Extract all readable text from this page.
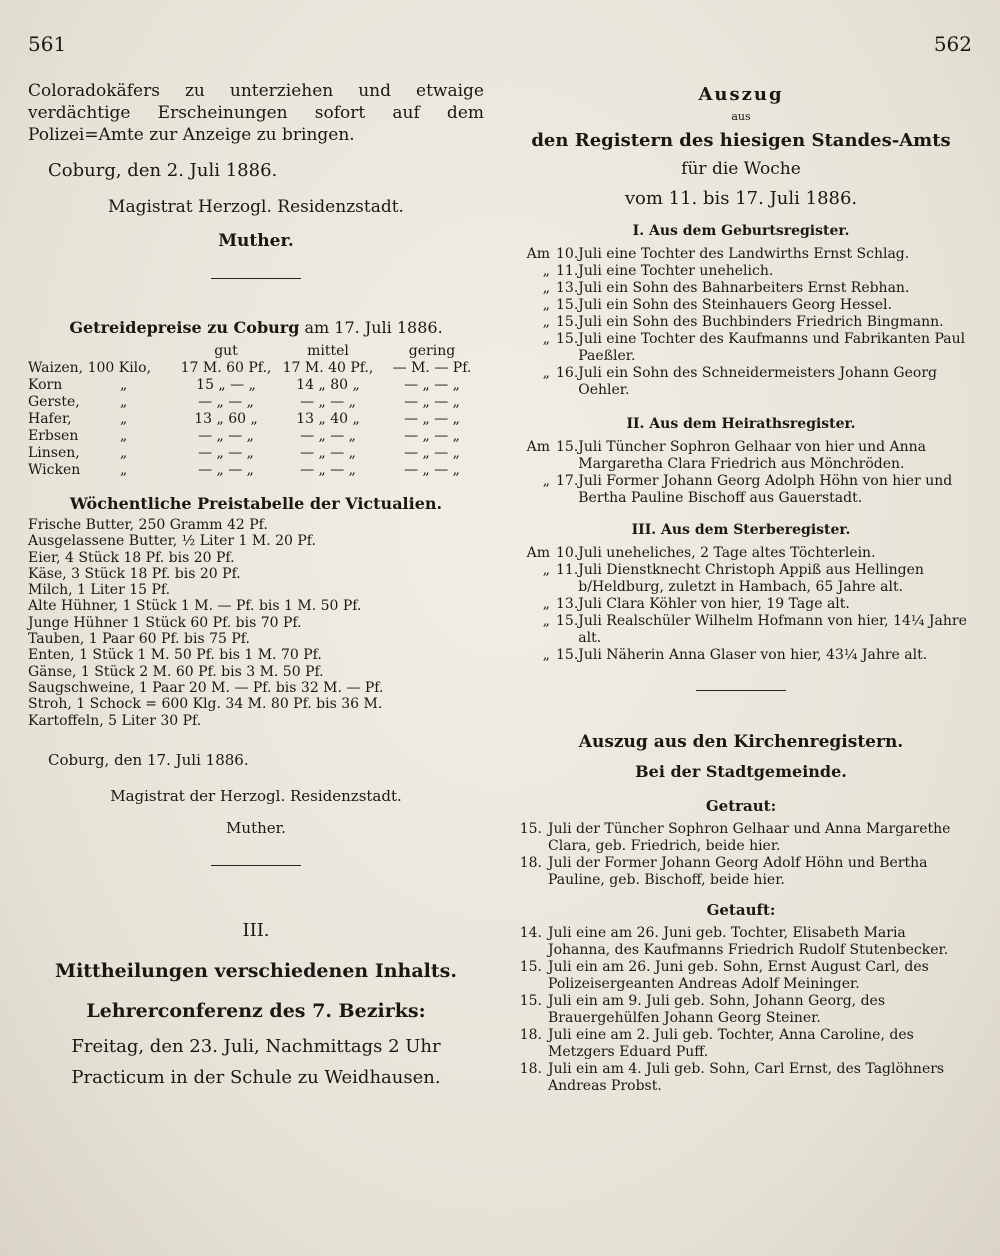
561	562

Coloradokäfers zu unterziehen und etwaige verdächtige Erscheinungen sofort auf dem Polizei=Amte zur Anzeige zu bringen.

Coburg, den 2. Juli 1886.

Magistrat Herzogl. Residenzstadt.

Muther.

Getreidepreise zu Coburg am 17. Juli 1886.

	gut	mittel	gering
Waizen, 100 Kilo,	17 M. 60 Pf.,	17 M. 40 Pf.,	— M. — Pf.
Korn „	15 „ — „	14 „ 80 „	— „ — „
Gerste, „	— „ — „	— „ — „	— „ — „
Hafer, „	13 „ 60 „	13 „ 40 „	— „ — „
Erbsen „	— „ — „	— „ — „	— „ — „
Linsen, „	— „ — „	— „ — „	— „ — „
Wicken „	— „ — „	— „ — „	— „ — „

Wöchentliche Preistabelle der Victualien.

Frische Butter, 250 Gramm 42 Pf.

Ausgelassene Butter, ½ Liter 1 M. 20 Pf.

Eier, 4 Stück 18 Pf. bis 20 Pf.

Käse, 3 Stück 18 Pf. bis 20 Pf.

Milch, 1 Liter 15 Pf.

Alte Hühner, 1 Stück 1 M. — Pf. bis 1 M. 50 Pf.

Junge Hühner 1 Stück 60 Pf. bis 70 Pf.

Tauben, 1 Paar 60 Pf. bis 75 Pf.

Enten, 1 Stück 1 M. 50 Pf. bis 1 M. 70 Pf.

Gänse, 1 Stück 2 M. 60 Pf. bis 3 M. 50 Pf.

Saugschweine, 1 Paar 20 M. — Pf. bis 32 M. — Pf.

Stroh, 1 Schock = 600 Klg. 34 M. 80 Pf. bis 36 M.

Kartoffeln, 5 Liter 30 Pf.

Coburg, den 17. Juli 1886.

Magistrat der Herzogl. Residenzstadt.

Muther.

III.

Mittheilungen verschiedenen Inhalts.

Lehrerconferenz des 7. Bezirks:

Freitag, den 23. Juli, Nachmittags 2 Uhr

Practicum in der Schule zu Weidhausen.

Auszug

aus

den Registern des hiesigen Standes-Amts

für die Woche

vom 11. bis 17. Juli 1886.

I. Aus dem Geburtsregister.

Am	10.	Juli eine Tochter des Landwirths Ernst Schlag.
„	11.	Juli eine Tochter unehelich.
„	13.	Juli ein Sohn des Bahnarbeiters Ernst Rebhan.
„	15.	Juli ein Sohn des Steinhauers Georg Hessel.
„	15.	Juli ein Sohn des Buchbinders Friedrich Bingmann.
„	15.	Juli eine Tochter des Kaufmanns und Fabrikanten Paul Paeßler.
„	16.	Juli ein Sohn des Schneidermeisters Johann Georg Oehler.

II. Aus dem Heirathsregister.

Am	15.	Juli Tüncher Sophron Gelhaar von hier und Anna Margaretha Clara Friedrich aus Mönchröden.
„	17.	Juli Former Johann Georg Adolph Höhn von hier und Bertha Pauline Bischoff aus Gauerstadt.

III. Aus dem Sterberegister.

Am	10.	Juli uneheliches, 2 Tage altes Töchterlein.
„	11.	Juli Dienstknecht Christoph Appiß aus Hellingen b/Heldburg, zuletzt in Hambach, 65 Jahre alt.
„	13.	Juli Clara Köhler von hier, 19 Tage alt.
„	15.	Juli Realschüler Wilhelm Hofmann von hier, 14¼ Jahre alt.
„	15.	Juli Näherin Anna Glaser von hier, 43¼ Jahre alt.

Auszug aus den Kirchenregistern.

Bei der Stadtgemeinde.

Getraut:

15.	Juli der Tüncher Sophron Gelhaar und Anna Margarethe Clara, geb. Friedrich, beide hier.
18.	Juli der Former Johann Georg Adolf Höhn und Bertha Pauline, geb. Bischoff, beide hier.

Getauft:

14.	Juli eine am 26. Juni geb. Tochter, Elisabeth Maria Johanna, des Kaufmanns Friedrich Rudolf Stutenbecker.
15.	Juli ein am 26. Juni geb. Sohn, Ernst August Carl, des Polizeisergeanten Andreas Adolf Meininger.
15.	Juli ein am 9. Juli geb. Sohn, Johann Georg, des Brauergehülfen Johann Georg Steiner.
18.	Juli eine am 2. Juli geb. Tochter, Anna Caroline, des Metzgers Eduard Puff.
18.	Juli ein am 4. Juli geb. Sohn, Carl Ernst, des Taglöhners Andreas Probst.
